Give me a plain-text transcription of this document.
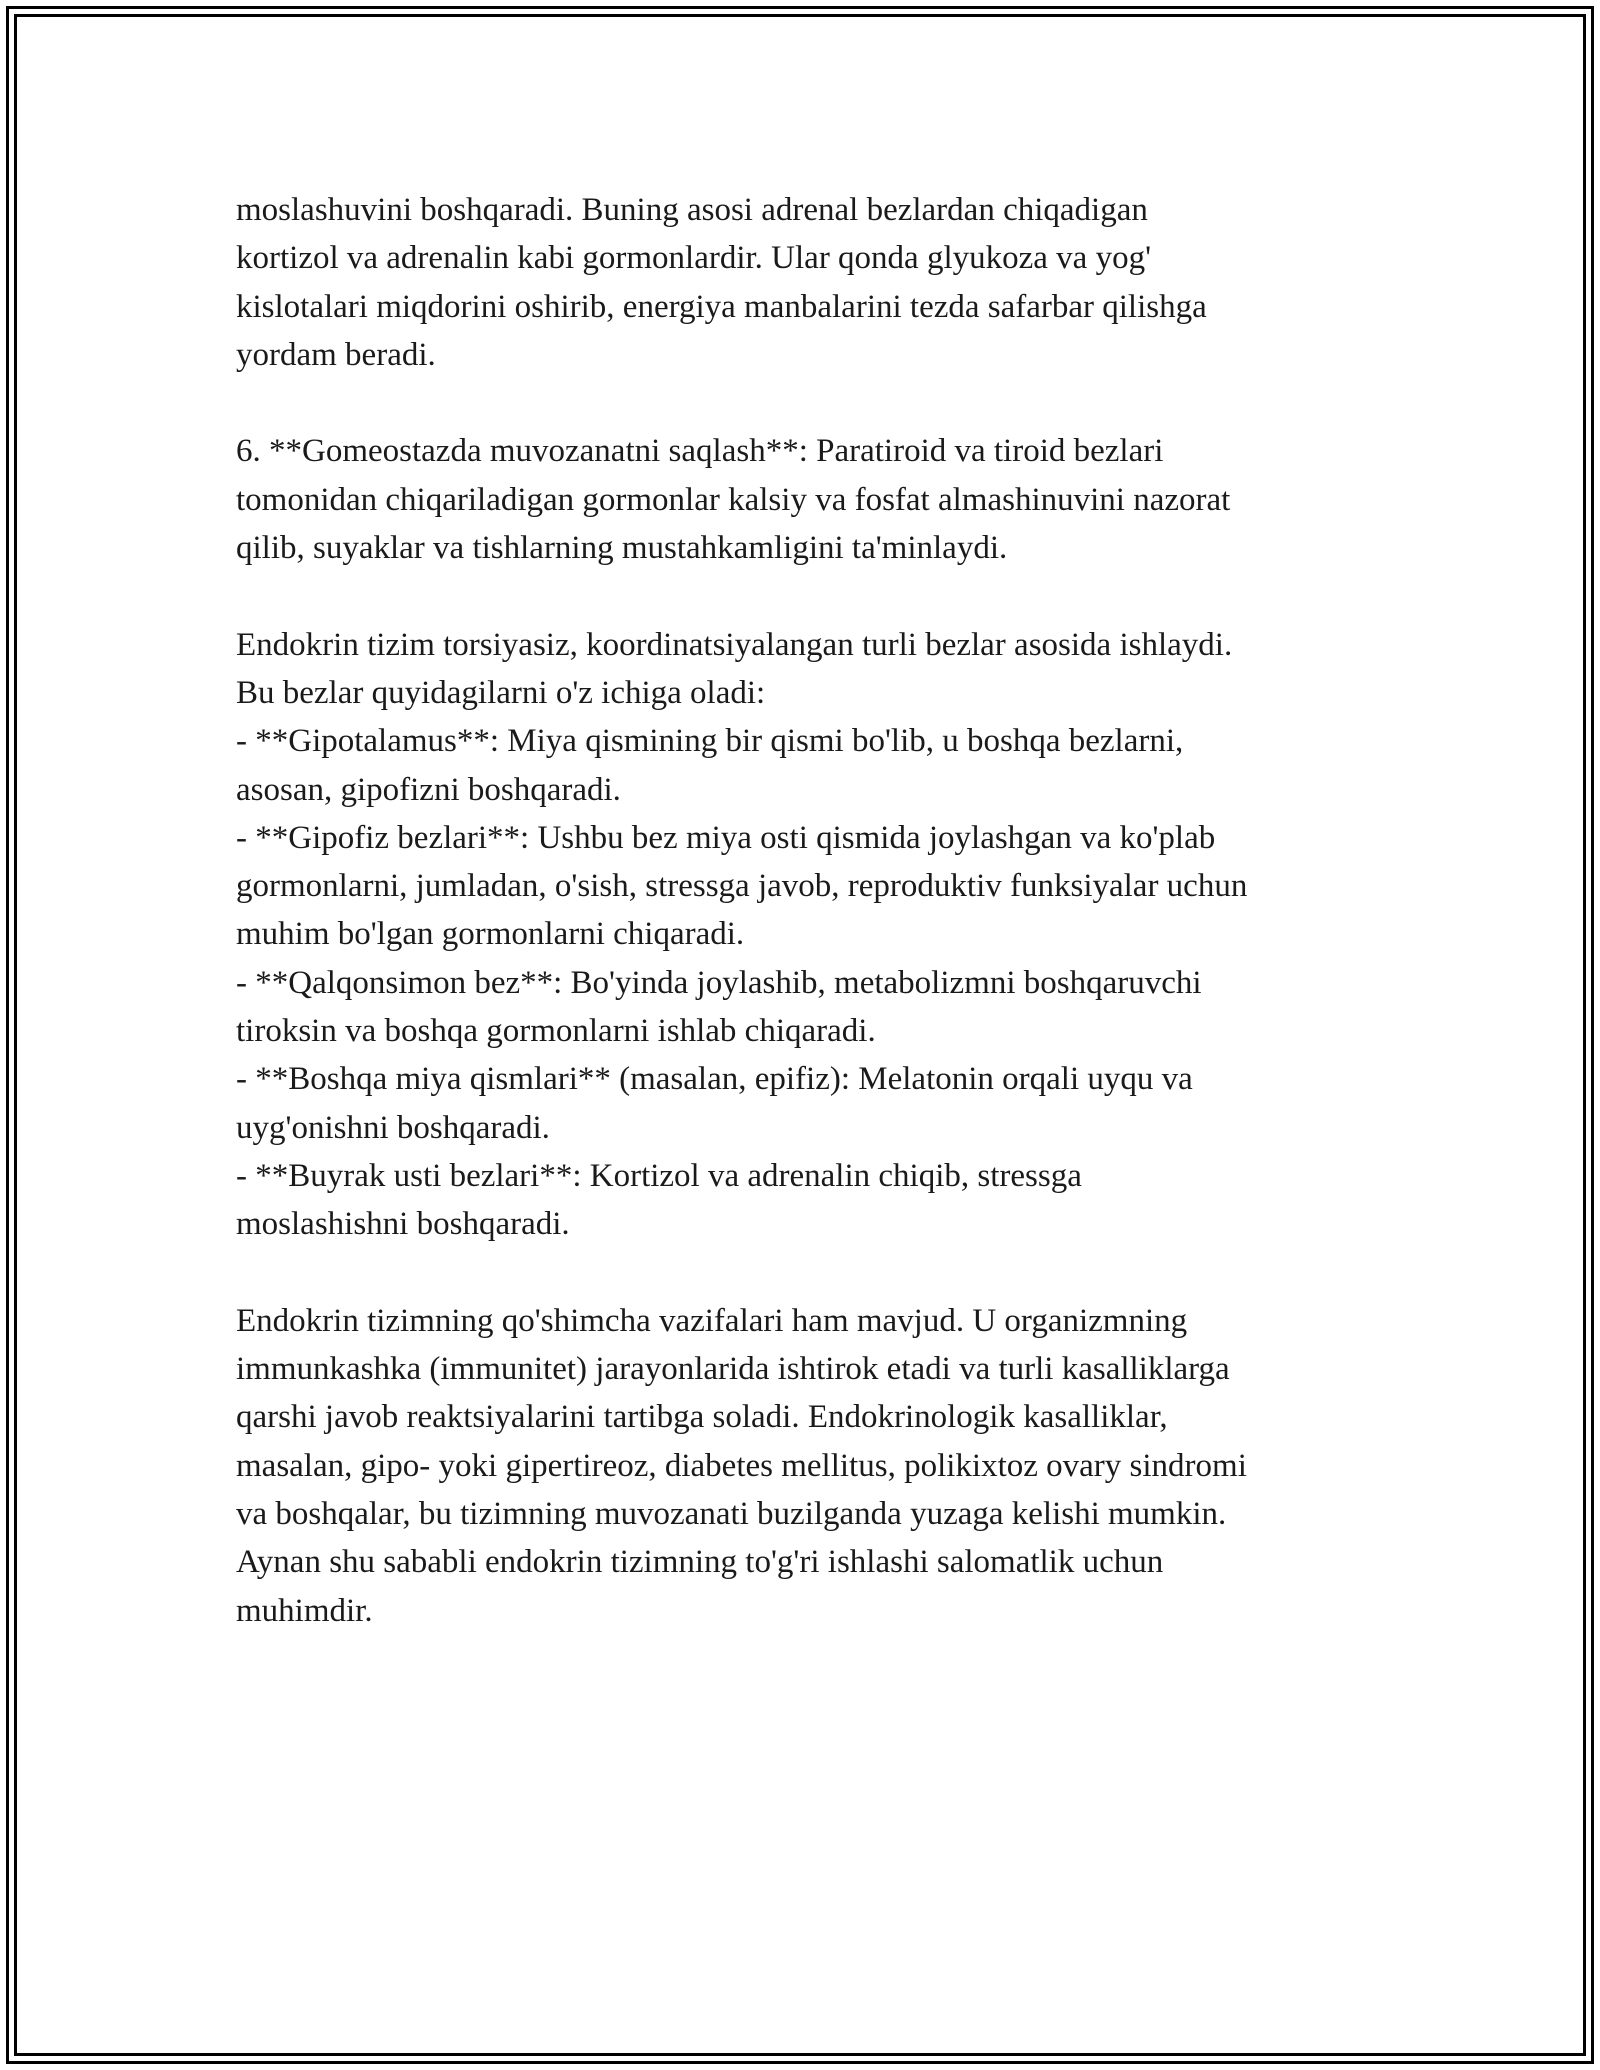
moslashuvini boshqaradi. Buning asosi adrenal bezlardan chiqadigan
kortizol va adrenalin kabi gormonlardir. Ular qonda glyukoza va yog'
kislotalari miqdorini oshirib, energiya manbalarini tezda safarbar qilishga
yordam beradi.
6. **Gomeostazda muvozanatni saqlash**: Paratiroid va tiroid bezlari
tomonidan chiqariladigan gormonlar kalsiy va fosfat almashinuvini nazorat
qilib, suyaklar va tishlarning mustahkamligini ta'minlaydi.
Endokrin tizim torsiyasiz, koordinatsiyalangan turli bezlar asosida ishlaydi.
Bu bezlar quyidagilarni o'z ichiga oladi:
- **Gipotalamus**: Miya qismining bir qismi bo'lib, u boshqa bezlarni,
asosan, gipofizni boshqaradi.
- **Gipofiz bezlari**: Ushbu bez miya osti qismida joylashgan va ko'plab
gormonlarni, jumladan, o'sish, stressga javob, reproduktiv funksiyalar uchun
muhim bo'lgan gormonlarni chiqaradi.
- **Qalqonsimon bez**: Bo'yinda joylashib, metabolizmni boshqaruvchi
tiroksin va boshqa gormonlarni ishlab chiqaradi.
- **Boshqa miya qismlari** (masalan, epifiz): Melatonin orqali uyqu va
uyg'onishni boshqaradi.
- **Buyrak usti bezlari**: Kortizol va adrenalin chiqib, stressga
moslashishni boshqaradi.
Endokrin tizimning qo'shimcha vazifalari ham mavjud. U organizmning
immunkashka (immunitet) jarayonlarida ishtirok etadi va turli kasalliklarga
qarshi javob reaktsiyalarini tartibga soladi. Endokrinologik kasalliklar,
masalan, gipo- yoki gipertireoz, diabetes mellitus, polikixtoz ovary sindromi
va boshqalar, bu tizimning muvozanati buzilganda yuzaga kelishi mumkin.
Aynan shu sababli endokrin tizimning to'g'ri ishlashi salomatlik uchun
muhimdir.
